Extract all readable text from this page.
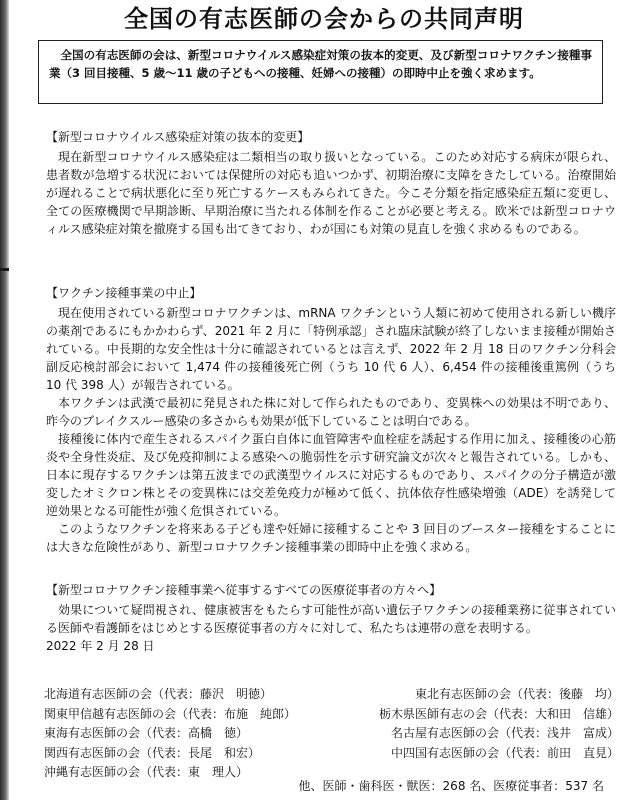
全国の有志医師の会からの共同声明

全国の有志医師の会は、新型コロナウイルス感染症対策の抜本的変更、及び新型コロナワクチン接種事業（3 回目接種、5 歳〜11 歳の子どもへの接種、妊婦への接種）の即時中止を強く求めます。

【新型コロナウイルス感染症対策の抜本的変更】

現在新型コロナウイルス感染症は二類相当の取り扱いとなっている。このため対応する病床が限られ、患者数が急増する状況においては保健所の対応も追いつかず、初期治療に支障をきたしている。治療開始が遅れることで病状悪化に至り死亡するケースもみられてきた。今こそ分類を指定感染症五類に変更し、全ての医療機関で早期診断、早期治療に当たれる体制を作ることが必要と考える。欧米では新型コロナウィルス感染症対策を撤廃する国も出てきており、わが国にも対策の見直しを強く求めるものである。

【ワクチン接種事業の中止】

現在使用されている新型コロナワクチンは、mRNA ワクチンという人類に初めて使用される新しい機序の薬剤であるにもかかわらず、2021 年 2 月に「特例承認」され臨床試験が終了しないまま接種が開始されている。中長期的な安全性は十分に確認されているとは言えず、2022 年 2 月 18 日のワクチン分科会副反応検討部会において 1,474 件の接種後死亡例（うち 10 代 6 人）、6,454 件の接種後重篤例（うち 10 代 398 人）が報告されている。

本ワクチンは武漢で最初に発見された株に対して作られたものであり、変異株への効果は不明であり、昨今のブレイクスルー感染の多さからも効果が低下していることは明白である。

接種後に体内で産生されるスパイク蛋白自体に血管障害や血栓症を誘起する作用に加え、接種後の心筋炎や全身性炎症、及び免疫抑制による感染への脆弱性を示す研究論文が次々と報告されている。しかも、日本に現存するワクチンは第五波までの武漢型ウイルスに対応するものであり、スパイクの分子構造が激変したオミクロン株とその変異株には交差免疫力が極めて低く、抗体依存性感染増強（ADE）を誘発して逆効果となる可能性が強く危惧されている。

このようなワクチンを将来ある子ども達や妊婦に接種することや 3 回目のブースター接種をすることには大きな危険性があり、新型コロナワクチン接種事業の即時中止を強く求める。

【新型コロナワクチン接種事業へ従事するすべての医療従事者の方々へ】

効果について疑問視され、健康被害をもたらす可能性が高い遺伝子ワクチンの接種業務に従事されている医師や看護師をはじめとする医療従事者の方々に対して、私たちは連帯の意を表明する。

2022 年 2 月 28 日

北海道有志医師の会（代表：藤沢　明徳）	東北有志医師の会（代表：後藤　均）
関東甲信越有志医師の会（代表：布施　純郎）	栃木県医師有志の会（代表：大和田　信雄）
東海有志医師の会（代表：高橋　徳）	名古屋有志医師の会（代表：浅井　富成）
関西有志医師の会（代表：長尾　和宏）	中四国有志医師の会（代表：前田　直見）
沖縄有志医師の会（代表：東　理人）
他、医師・歯科医・獣医：268 名、医療従事者：537 名
